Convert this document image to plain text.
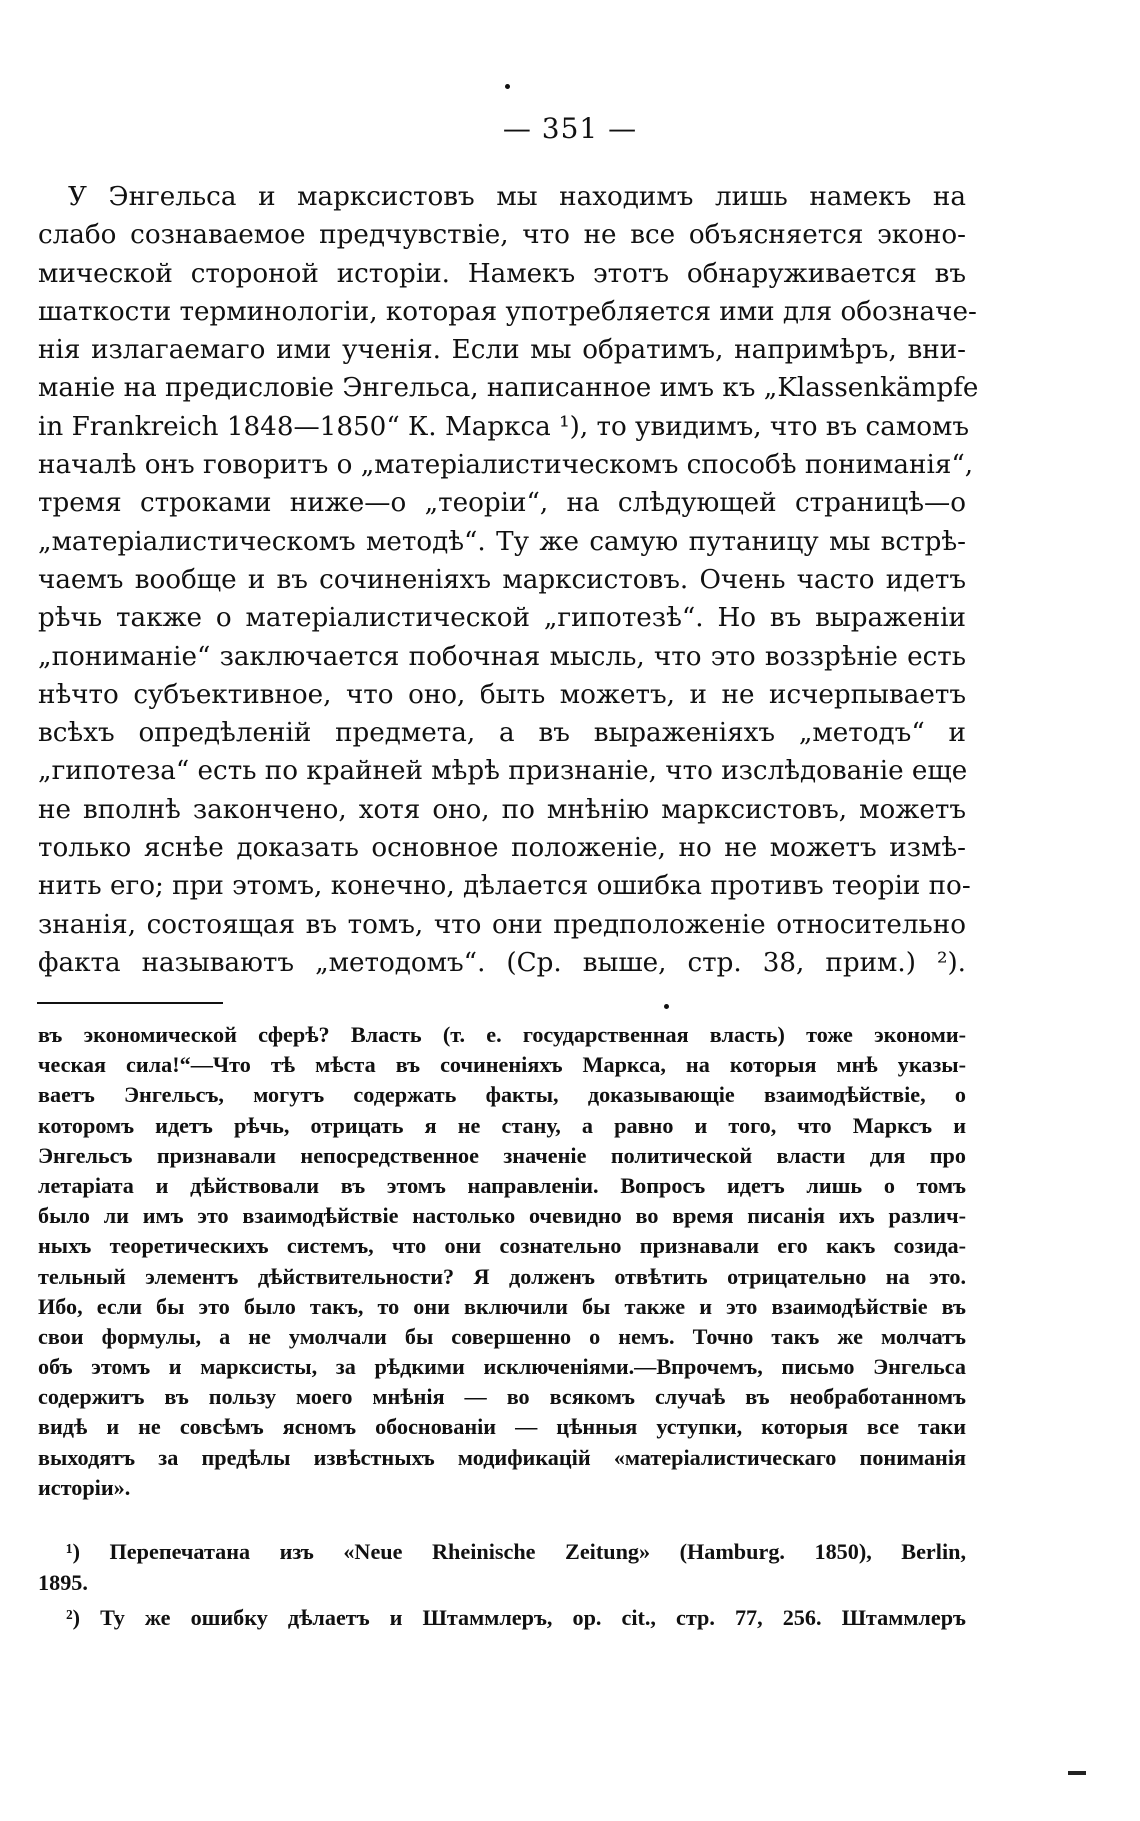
— 351 —
У Энгельса и марксистовъ мы находимъ лишь намекъ на
слабо сознаваемое предчувствіе, что не все объясняется эконо-
мической стороной исторіи. Намекъ этотъ обнаруживается въ
шаткости терминологіи, которая употребляется ими для обозначе-
нія излагаемаго ими ученія. Если мы обратимъ, напримѣръ, вни-
маніе на предисловіе Энгельса, написанное имъ къ „Klassenkämpfe
in Frankreich 1848—1850“ К. Маркса ¹), то увидимъ, что въ самомъ
началѣ онъ говоритъ о „матеріалистическомъ способѣ пониманія“,
тремя строками ниже—о „теоріи“, на слѣдующей страницѣ—о
„матеріалистическомъ методѣ“. Ту же самую путаницу мы встрѣ-
чаемъ вообще и въ сочиненіяхъ марксистовъ. Очень часто идетъ
рѣчь также о матеріалистической „гипотезѣ“. Но въ выраженіи
„пониманіе“ заключается побочная мысль, что это воззрѣніе есть
нѣчто субъективное, что оно, быть можетъ, и не исчерпываетъ
всѣхъ опредѣленій предмета, а въ выраженіяхъ „методъ“ и
„гипотеза“ есть по крайней мѣрѣ признаніе, что изслѣдованіе еще
не вполнѣ закончено, хотя оно, по мнѣнію марксистовъ, можетъ
только яснѣе доказать основное положеніе, но не можетъ измѣ-
нить его; при этомъ, конечно, дѣлается ошибка противъ теоріи по-
знанія, состоящая въ томъ, что они предположеніе относительно
факта называютъ „методомъ“. (Ср. выше, стр. 38, прим.) ²).
въ экономической сферѣ? Власть (т. е. государственная власть) тоже экономи-
ческая сила!“—Что тѣ мѣста въ сочиненіяхъ Маркса, на которыя мнѣ указы-
ваетъ Энгельсъ, могутъ содержать факты, доказывающіе взаимодѣйствіе, о
которомъ идетъ рѣчь, отрицать я не стану, а равно и того, что Марксъ и
Энгельсъ признавали непосредственное значеніе политической власти для про
летаріата и дѣйствовали въ этомъ направленіи. Вопросъ идетъ лишь о томъ
было ли имъ это взаимодѣйствіе настолько очевидно во время писанія ихъ различ-
ныхъ теоретическихъ системъ, что они сознательно признавали его какъ созида-
тельный элементъ дѣйствительности? Я долженъ отвѣтить отрицательно на это.
Ибо, если бы это было такъ, то они включили бы также и это взаимодѣйствіе въ
свои формулы, а не умолчали бы совершенно о немъ. Точно такъ же молчатъ
объ этомъ и марксисты, за рѣдкими исключеніями.—Впрочемъ, письмо Энгельса
содержитъ въ пользу моего мнѣнія — во всякомъ случаѣ въ необработанномъ
видѣ и не совсѣмъ ясномъ обоснованіи — цѣнныя уступки, которыя все таки
выходятъ за предѣлы извѣстныхъ модификацій «матеріалистическаго пониманія
исторіи».
¹) Перепечатана изъ «Neue Rheinische Zeitung» (Hamburg. 1850), Berlin,
1895.
²) Ту же ошибку дѣлаетъ и Штаммлеръ, op. cit., стр. 77, 256. Штаммлеръ
